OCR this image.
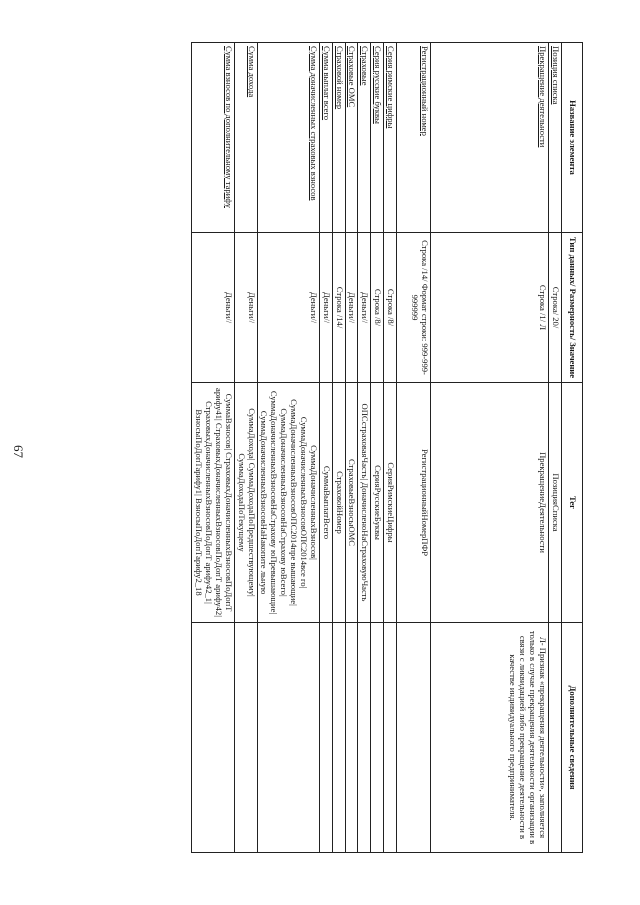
67
Название элемента	Тип данных/ Размерность/ Значение	Тег	Дополнительные сведения
Позиция списка	Строка/ 20/	ПозицияСписка	
Прекращение деятельности	Строка /1/ Л	ПрекращениеДеятельности	Л- Признак «прекращения деятельности», заполняется только в случае прекращения деятельности организации в связи с ликвидацией либо прекращение деятельности в качестве индивидуального предпринимателя.
Регистрационный номер	Строка /14/ Формат строки: 999-999-999999	РегистрационныйНомерПФР	
Серия римские цифры	Строка /8/	СерияРимскиеЦифры	
Серия русские буквы	Строка /8/	СерияРусскиеБуквы	
Страховые	Деньги//	ОПСстраховаяЧасть| ДоначисленоНаСтраховуюЧасть	
Страховые ОМС	Деньги//	СтраховыеВзносыОМС	
Страховой номер	Строка /14/	СтраховойНомер	
Сумма выплат всего	Деньги//	СуммаВыплатВсего	
Сумма доначисленных страховых взносов	Деньги//	СуммаДоначисленныхВзносов| СуммаДоначисленныхВзносовОПС2014все го| СуммаДоначисленныхВзносовОПС2014пре вышающие| СуммаДоначисленныхВзносовНаСтрахову юВсего| СуммаДоначисленныхВзносовНаСтрахову юПревышающие| СуммаДоначисленныхВзносовНаНакопите льную	
Сумма дохода	Деньги//	СуммаДохода| СуммаДоходаПоПредшествующему| СуммаДоходаПоТекущему	
Сумма взносов по дополнительному тарифу	Деньги//	СуммаВзносов| СтраховыхДоначисленныхВзносовПоДопТ арифу41| СтраховыхДоначисленныхВзносовПоДопТ арифу42| СтраховыхДоначисленныхВзносовПоДопТ арифу42_1| ВзносыПоДопТарифу1| ВзносыПоДопТарифу2_18	
